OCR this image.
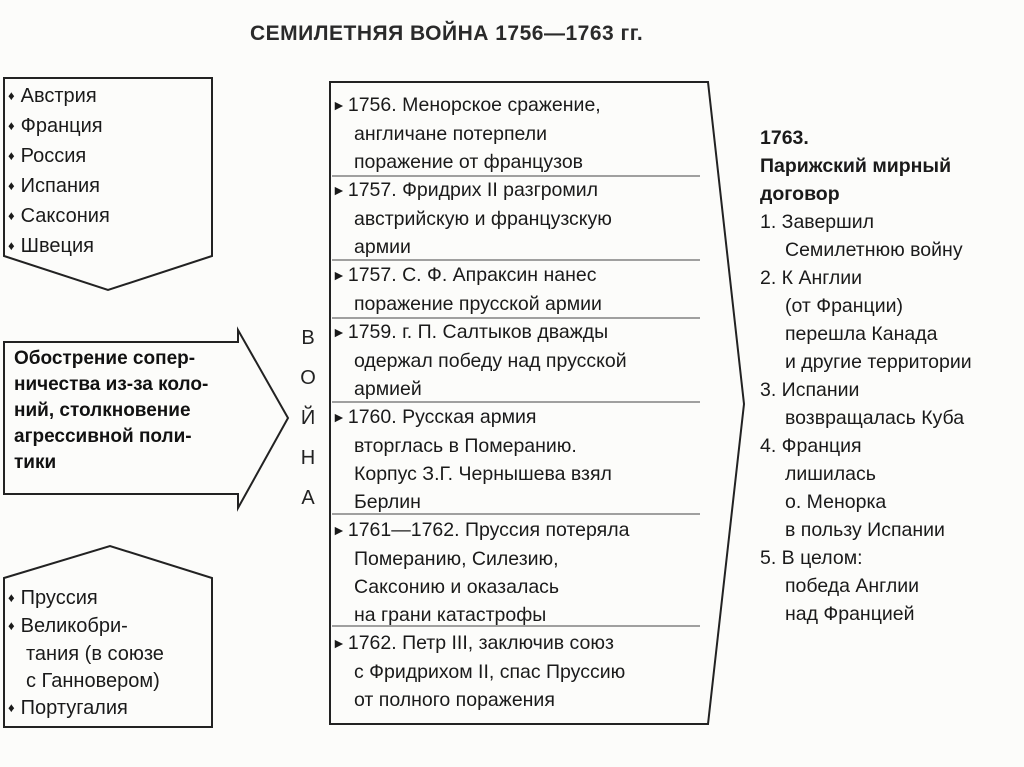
СЕМИЛЕТНЯЯ ВОЙНА 1756—1763 гг.
♦ Австрия
♦ Франция
♦ Россия
♦ Испания
♦ Саксония
♦ Швеция
♦ Пруссия
♦ Великобри-
тания (в союзе
с Ганновером)
♦ Португалия
Обострение сопер-
ничества из-за коло-
ний, столкновение
агрессивной поли-
тики
В
О
Й
Н
А
► 1756. Менорское сражение,
англичане потерпели
поражение от французов
► 1757. Фридрих II разгромил
австрийскую и французскую
армии
► 1757. С. Ф. Апраксин нанес
поражение прусской армии
► 1759. г. П. Салтыков дважды
одержал победу над прусской
армией
► 1760. Русская армия
вторглась в Померанию.
Корпус З.Г. Чернышева взял
Берлин
► 1761—1762. Пруссия потеряла
Померанию, Силезию,
Саксонию и оказалась
на грани катастрофы
► 1762. Петр III, заключив союз
с Фридрихом II, спас Пруссию
от полного поражения
1763.
Парижский мирный
договор
1. Завершил
Семилетнюю войну
2. К Англии
(от Франции)
перешла Канада
и другие территории
3. Испании
возвращалась Куба
4. Франция
лишилась
о. Менорка
в пользу Испании
5. В целом:
победа Англии
над Францией
